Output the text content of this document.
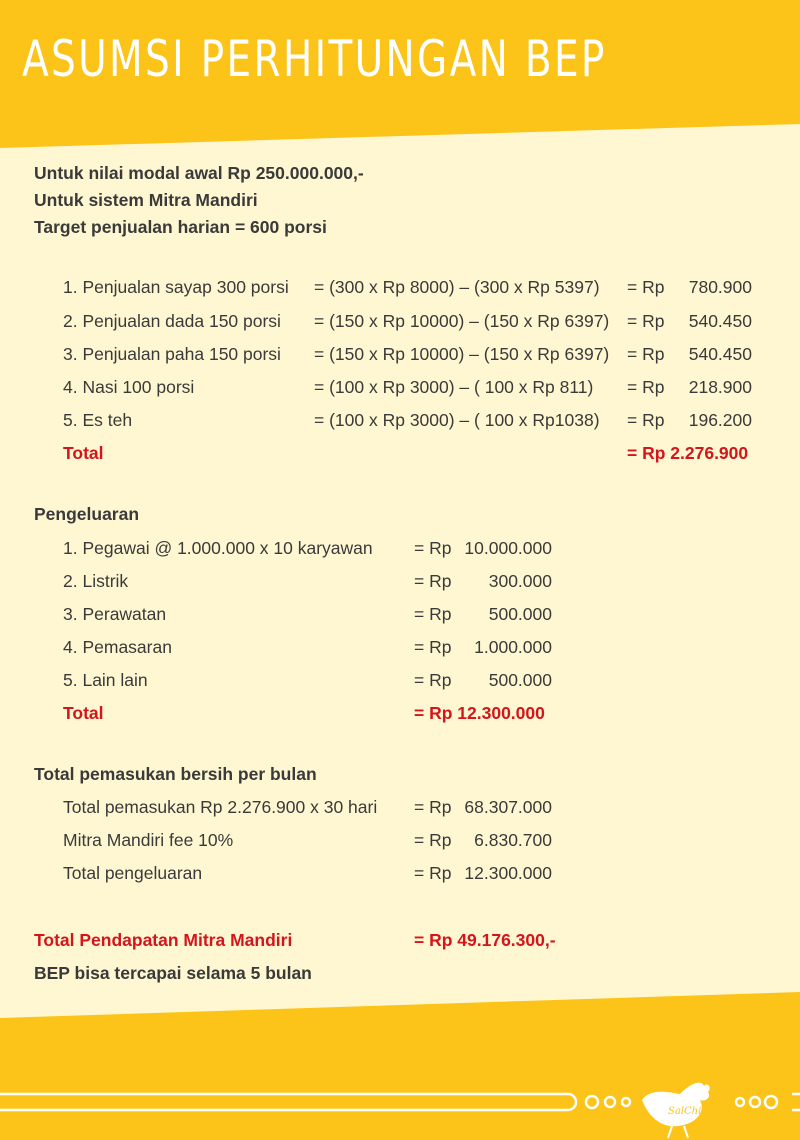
ASUMSI PERHITUNGAN BEP
Untuk nilai modal awal Rp 250.000.000,-
Untuk sistem Mitra Mandiri
Target penjualan harian = 600 porsi
1. Penjualan sayap 300 porsi = (300 x Rp 8000) – (300 x Rp 5397) = Rp	780.900
2. Penjualan dada 150 porsi = (150 x Rp 10000) – (150 x Rp 6397) = Rp	540.450
3. Penjualan paha 150 porsi = (150 x Rp 10000) – (150 x Rp 6397) = Rp	540.450
4. Nasi 100 porsi	= (100 x Rp 3000) – ( 100 x Rp 811) = Rp	218.900
5. Es teh	= (100 x Rp 3000) – ( 100 x Rp1038) = Rp	196.200
Total	= Rp 2.276.900
Pengeluaran
1. Pegawai @ 1.000.000 x 10 karyawan = Rp 10.000.000
2. Listrik	= Rp	300.000
3. Perawatan	= Rp	500.000
4. Pemasaran	= Rp	1.000.000
5. Lain lain	= Rp	500.000
Total	= Rp 12.300.000
Total pemasukan bersih per bulan
Total pemasukan Rp 2.276.900 x 30 hari = Rp 68.307.000
Mitra Mandiri fee 10%	= Rp	6.830.700
Total pengeluaran	= Rp 12.300.000
Total Pendapatan Mitra Mandiri	= Rp 49.176.300,-
BEP bisa tercapai selama 5 bulan
SalChic
